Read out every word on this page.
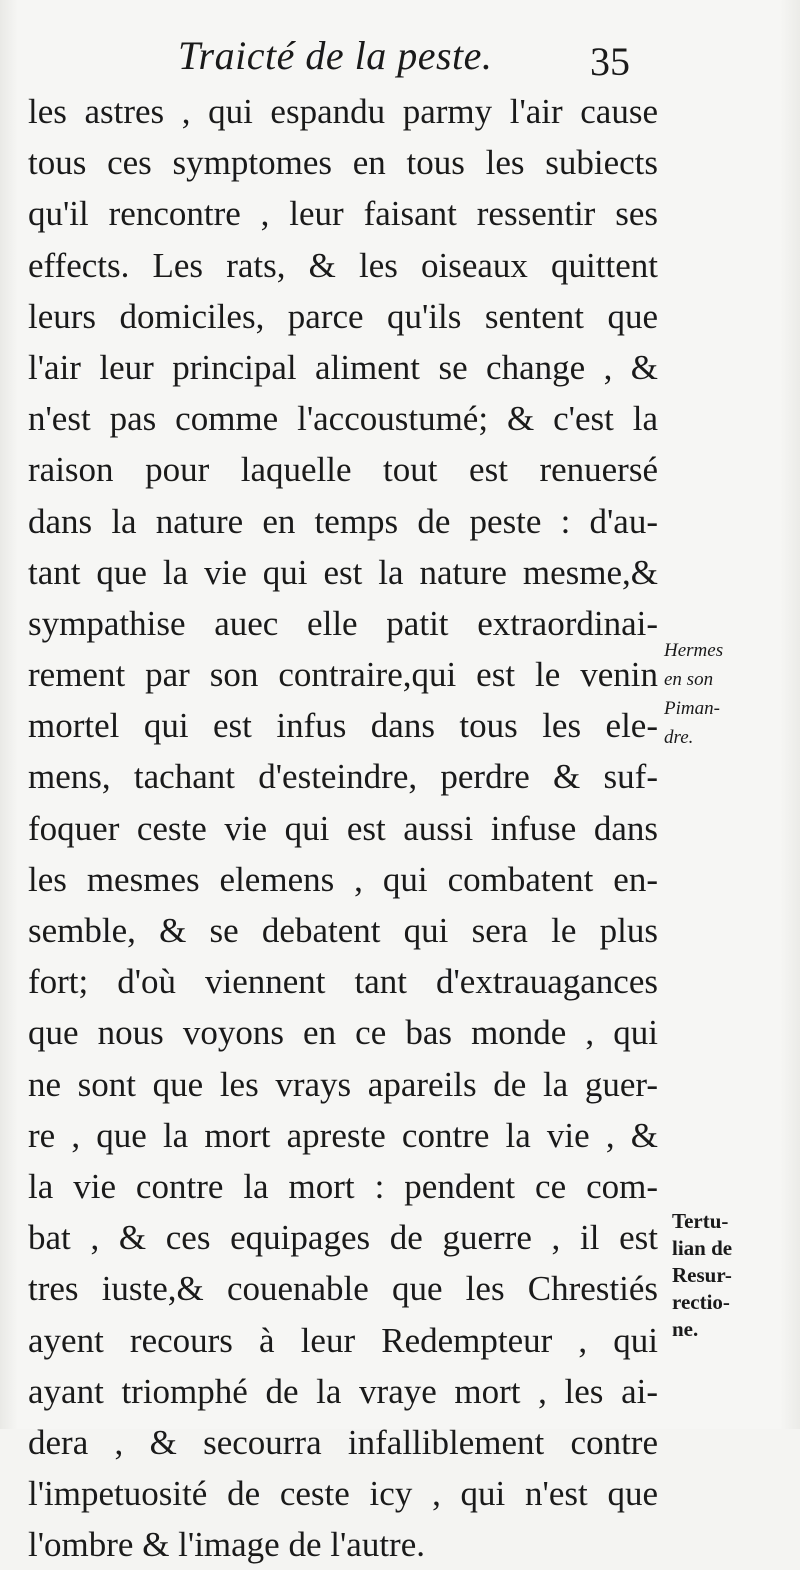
Traicté de la peste. 35
les astres , qui espandu parmy l'air cause
tous ces symptomes en tous les subiects
qu'il rencontre , leur faisant ressentir ses
effects. Les rats, & les oiseaux quittent
leurs domiciles, parce qu'ils sentent que
l'air leur principal aliment se change , &
n'est pas comme l'accoustumé; & c'est la
raison pour laquelle tout est renuersé
dans la nature en temps de peste : d'au-
tant que la vie qui est la nature mesme,&
sympathise auec elle patit extraordinai-
rement par son contraire,qui est le venin
mortel qui est infus dans tous les ele-
mens, tachant d'esteindre, perdre & suf-
foquer ceste vie qui est aussi infuse dans
les mesmes elemens , qui combatent en-
semble, & se debatent qui sera le plus
fort; d'où viennent tant d'extrauagances
que nous voyons en ce bas monde , qui
ne sont que les vrays apareils de la guer-
re , que la mort apreste contre la vie , &
la vie contre la mort : pendent ce com-
bat , & ces equipages de guerre , il est
tres iuste,& couenable que les Chrestiés
ayent recours à leur Redempteur , qui
ayant triomphé de la vraye mort , les ai-
dera , & secourra infalliblement contre
l'impetuosité de ceste icy , qui n'est que
l'ombre & l'image de l'autre.
Hermes
en son
Piman-
dre.
Tertu-
lian de
Resur-
rectio-
ne.
